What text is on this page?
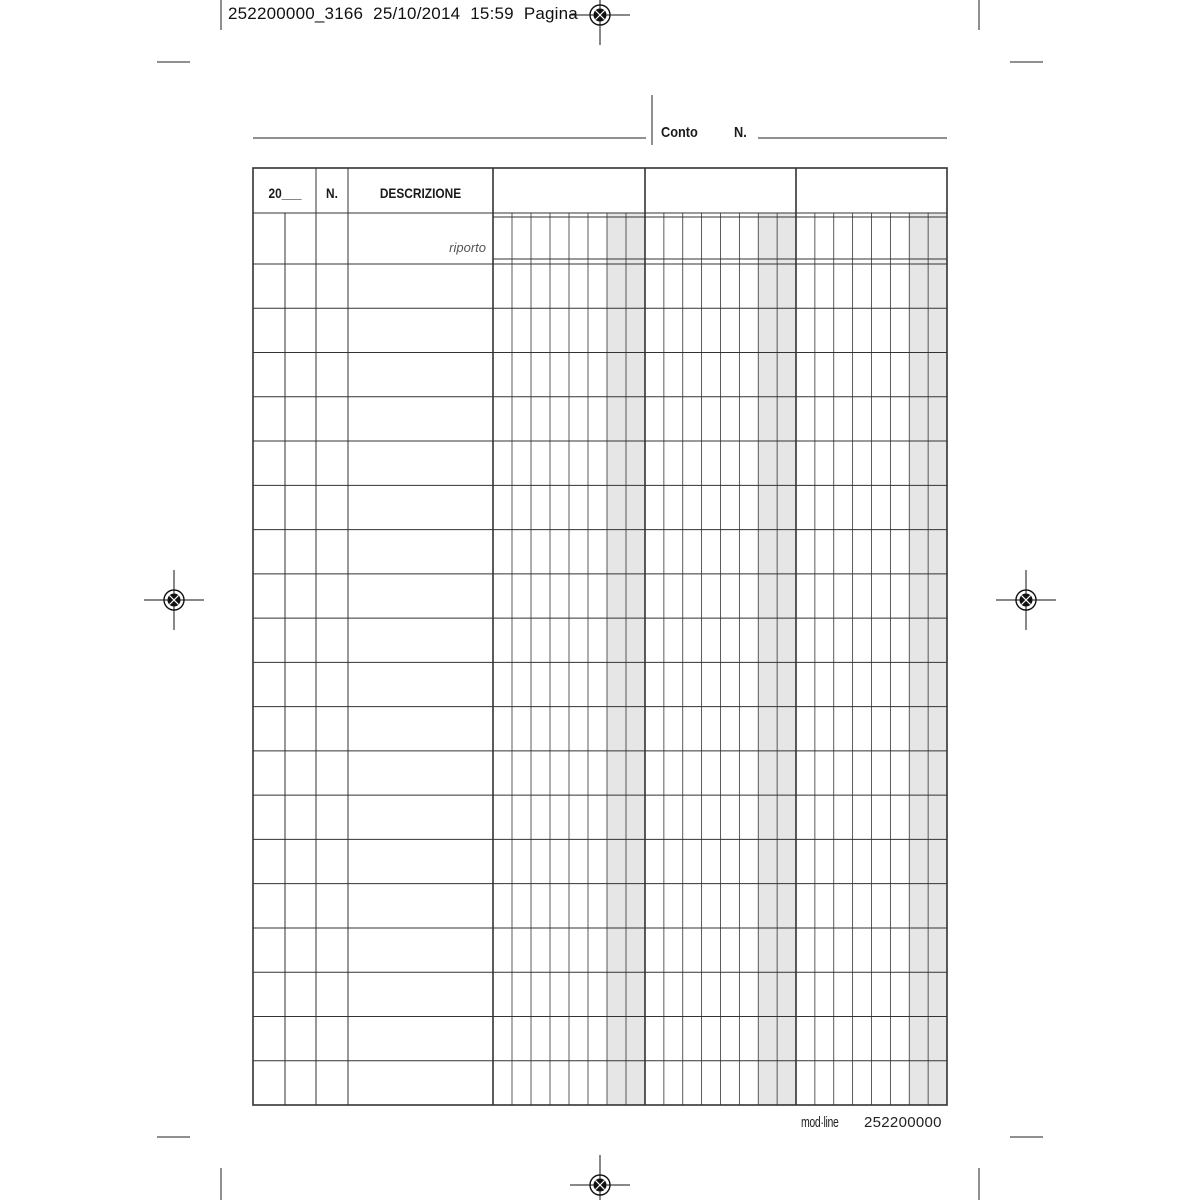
252200000_3166 25/10/2014 15:59 Pagina
Conto N.
20___	N.	DESCRIZIONE
riporto
mod·line 252200000
